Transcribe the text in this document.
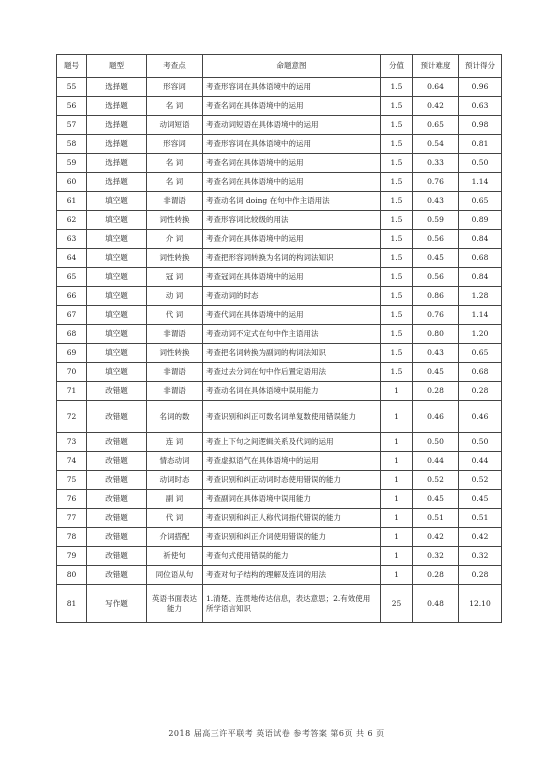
题号	题型	考查点	命题意图	分值	预计难度	预计得分
55	选择题	形容词	考查形容词在具体语境中的运用	1.5	0.64	0.96
56	选择题	名 词	考查名词在具体语境中的运用	1.5	0.42	0.63
57	选择题	动词短语	考查动词短语在具体语境中的运用	1.5	0.65	0.98
58	选择题	形容词	考查形容词在具体语境中的运用	1.5	0.54	0.81
59	选择题	名 词	考查名词在具体语境中的运用	1.5	0.33	0.50
60	选择题	名 词	考查名词在具体语境中的运用	1.5	0.76	1.14
61	填空题	非谓语	考查动名词 doing 在句中作主语用法	1.5	0.43	0.65
62	填空题	词性转换	考查形容词比较级的用法	1.5	0.59	0.89
63	填空题	介 词	考查介词在具体语境中的运用	1.5	0.56	0.84
64	填空题	词性转换	考查把形容词转换为名词的构词法知识	1.5	0.45	0.68
65	填空题	冠 词	考查冠词在具体语境中的运用	1.5	0.56	0.84
66	填空题	动 词	考查动词的时态	1.5	0.86	1.28
67	填空题	代 词	考查代词在具体语境中的运用	1.5	0.76	1.14
68	填空题	非谓语	考查动词不定式在句中作主语用法	1.5	0.80	1.20
69	填空题	词性转换	考查把名词转换为副词的构词法知识	1.5	0.43	0.65
70	填空题	非谓语	考查过去分词在句中作后置定语用法	1.5	0.45	0.68
71	改错题	非谓语	考查动名词在具体语境中误用能力	1	0.28	0.28
72	改错题	名词的数	考查识别和纠正可数名词单复数使用错误能力	1	0.46	0.46
73	改错题	连 词	考查上下句之间逻辑关系及代词的运用	1	0.50	0.50
74	改错题	情态动词	考查虚拟语气在具体语境中的运用	1	0.44	0.44
75	改错题	动词时态	考查识别和纠正动词时态使用错误的能力	1	0.52	0.52
76	改错题	副 词	考查副词在具体语境中误用能力	1	0.45	0.45
77	改错题	代 词	考查识别和纠正人称代词指代错误的能力	1	0.51	0.51
78	改错题	介词搭配	考查识别和纠正介词使用错误的能力	1	0.42	0.42
79	改错题	祈使句	考查句式使用错误的能力	1	0.32	0.32
80	改错题	同位语从句	考查对句子结构的理解及连词的用法	1	0.28	0.28
81	写作题	英语书面表达能力	1.清楚、连贯地传达信息，表达意思；2.有效使用所学语言知识	25	0.48	12.10
2018 届高三许平联考 英语试卷 参考答案 第6页 共 6 页
